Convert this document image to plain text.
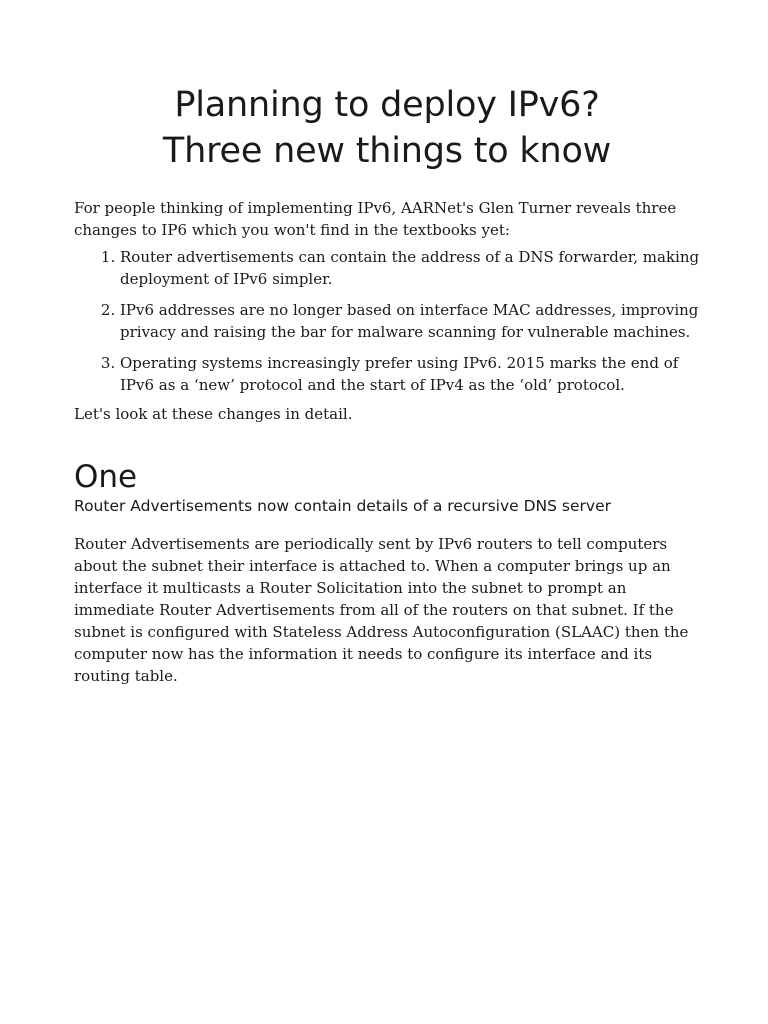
Planning to deploy IPv6?
Three new things to know

For people thinking of implementing IPv6, AARNet's Glen Turner reveals three changes to IP6 which you won't find in the textbooks yet:

1. Router advertisements can contain the address of a DNS forwarder, making deployment of IPv6 simpler.
2. IPv6 addresses are no longer based on interface MAC addresses, improving privacy and raising the bar for malware scanning for vulnerable machines.
3. Operating systems increasingly prefer using IPv6. 2015 marks the end of IPv6 as a ‘new’ protocol and the start of IPv4 as the ‘old’ protocol.

Let's look at these changes in detail.

One
Router Advertisements now contain details of a recursive DNS server

Router Advertisements are periodically sent by IPv6 routers to tell computers about the subnet their interface is attached to. When a computer brings up an interface it multicasts a Router Solicitation into the subnet to prompt an immediate Router Advertisements from all of the routers on that subnet. If the subnet is configured with Stateless Address Autoconfiguration (SLAAC) then the computer now has the information it needs to configure its interface and its routing table.
